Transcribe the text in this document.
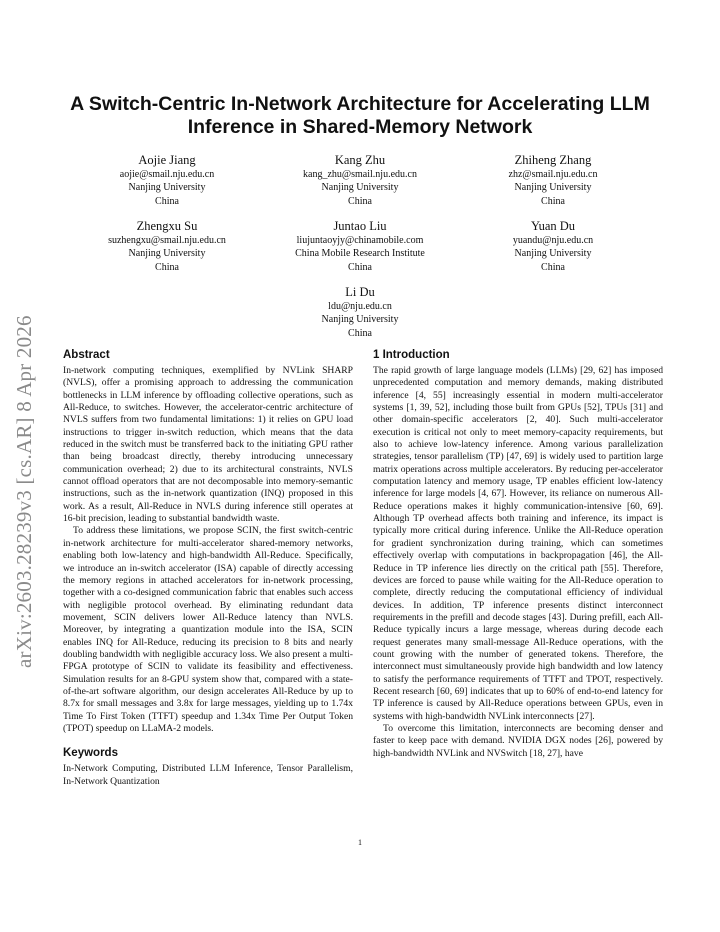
arXiv:2603.28239v3 [cs.AR] 8 Apr 2026
A Switch-Centric In-Network Architecture for Accelerating LLM
Inference in Shared-Memory Network
Aojie Jiang
aojie@smail.nju.edu.cn
Nanjing University
China
Kang Zhu
kang_zhu@smail.nju.edu.cn
Nanjing University
China
Zhiheng Zhang
zhz@smail.nju.edu.cn
Nanjing University
China
Zhengxu Su
suzhengxu@smail.nju.edu.cn
Nanjing University
China
Juntao Liu
liujuntaoyjy@chinamobile.com
China Mobile Research Institute
China
Yuan Du
yuandu@nju.edu.cn
Nanjing University
China
Li Du
ldu@nju.edu.cn
Nanjing University
China
Abstract

In-network computing techniques, exemplified by NVLink SHARP (NVLS), offer a promising approach to addressing the communication bottlenecks in LLM inference by offloading collective operations, such as All-Reduce, to switches. However, the accelerator-centric architecture of NVLS suffers from two fundamental limitations: 1) it relies on GPU load instructions to trigger in-switch reduction, which means that the data reduced in the switch must be transferred back to the initiating GPU rather than being broadcast directly, thereby introducing unnecessary communication overhead; 2) due to its architectural constraints, NVLS cannot offload operators that are not decomposable into memory-semantic instructions, such as the in-network quantization (INQ) proposed in this work. As a result, All-Reduce in NVLS during inference still operates at 16-bit precision, leading to substantial bandwidth waste.

To address these limitations, we propose SCIN, the first switch-centric in-network architecture for multi-accelerator shared-memory networks, enabling both low-latency and high-bandwidth All-Reduce. Specifically, we introduce an in-switch accelerator (ISA) capable of directly accessing the memory regions in attached accelerators for in-network processing, together with a co-designed communication fabric that enables such access with negligible protocol overhead. By eliminating redundant data movement, SCIN delivers lower All-Reduce latency than NVLS. Moreover, by integrating a quantization module into the ISA, SCIN enables INQ for All-Reduce, reducing its precision to 8 bits and nearly doubling bandwidth with negligible accuracy loss. We also present a multi-FPGA prototype of SCIN to validate its feasibility and effectiveness. Simulation results for an 8-GPU system show that, compared with a state-of-the-art software algorithm, our design accelerates All-Reduce by up to 8.7x for small messages and 3.8x for large messages, yielding up to 1.74x Time To First Token (TTFT) speedup and 1.34x Time Per Output Token (TPOT) speedup on LLaMA-2 models.

Keywords

In-Network Computing, Distributed LLM Inference, Tensor Parallelism, In-Network Quantization

1 Introduction

The rapid growth of large language models (LLMs) [29, 62] has imposed unprecedented computation and memory demands, making distributed inference [4, 55] increasingly essential in modern multi-accelerator systems [1, 39, 52], including those built from GPUs [52], TPUs [31] and other domain-specific accelerators [2, 40]. Such multi-accelerator execution is critical not only to meet memory-capacity requirements, but also to achieve low-latency inference. Among various parallelization strategies, tensor parallelism (TP) [47, 69] is widely used to partition large matrix operations across multiple accelerators. By reducing per-accelerator computation latency and memory usage, TP enables efficient low-latency inference for large models [4, 67]. However, its reliance on numerous All-Reduce operations makes it highly communication-intensive [60, 69]. Although TP overhead affects both training and inference, its impact is typically more critical during inference. Unlike the All-Reduce operation for gradient synchronization during training, which can sometimes effectively overlap with computations in backpropagation [46], the All-Reduce in TP inference lies directly on the critical path [55]. Therefore, devices are forced to pause while waiting for the All-Reduce operation to complete, directly reducing the computational efficiency of individual devices. In addition, TP inference presents distinct interconnect requirements in the prefill and decode stages [43]. During prefill, each All-Reduce typically incurs a large message, whereas during decode each request generates many small-message All-Reduce operations, with the count growing with the number of generated tokens. Therefore, the interconnect must simultaneously provide high bandwidth and low latency to satisfy the performance requirements of TTFT and TPOT, respectively. Recent research [60, 69] indicates that up to 60% of end-to-end latency for TP inference is caused by All-Reduce operations between GPUs, even in systems with high-bandwidth NVLink interconnects [27].

To overcome this limitation, interconnects are becoming denser and faster to keep pace with demand. NVIDIA DGX nodes [26], powered by high-bandwidth NVLink and NVSwitch [18, 27], have

1
